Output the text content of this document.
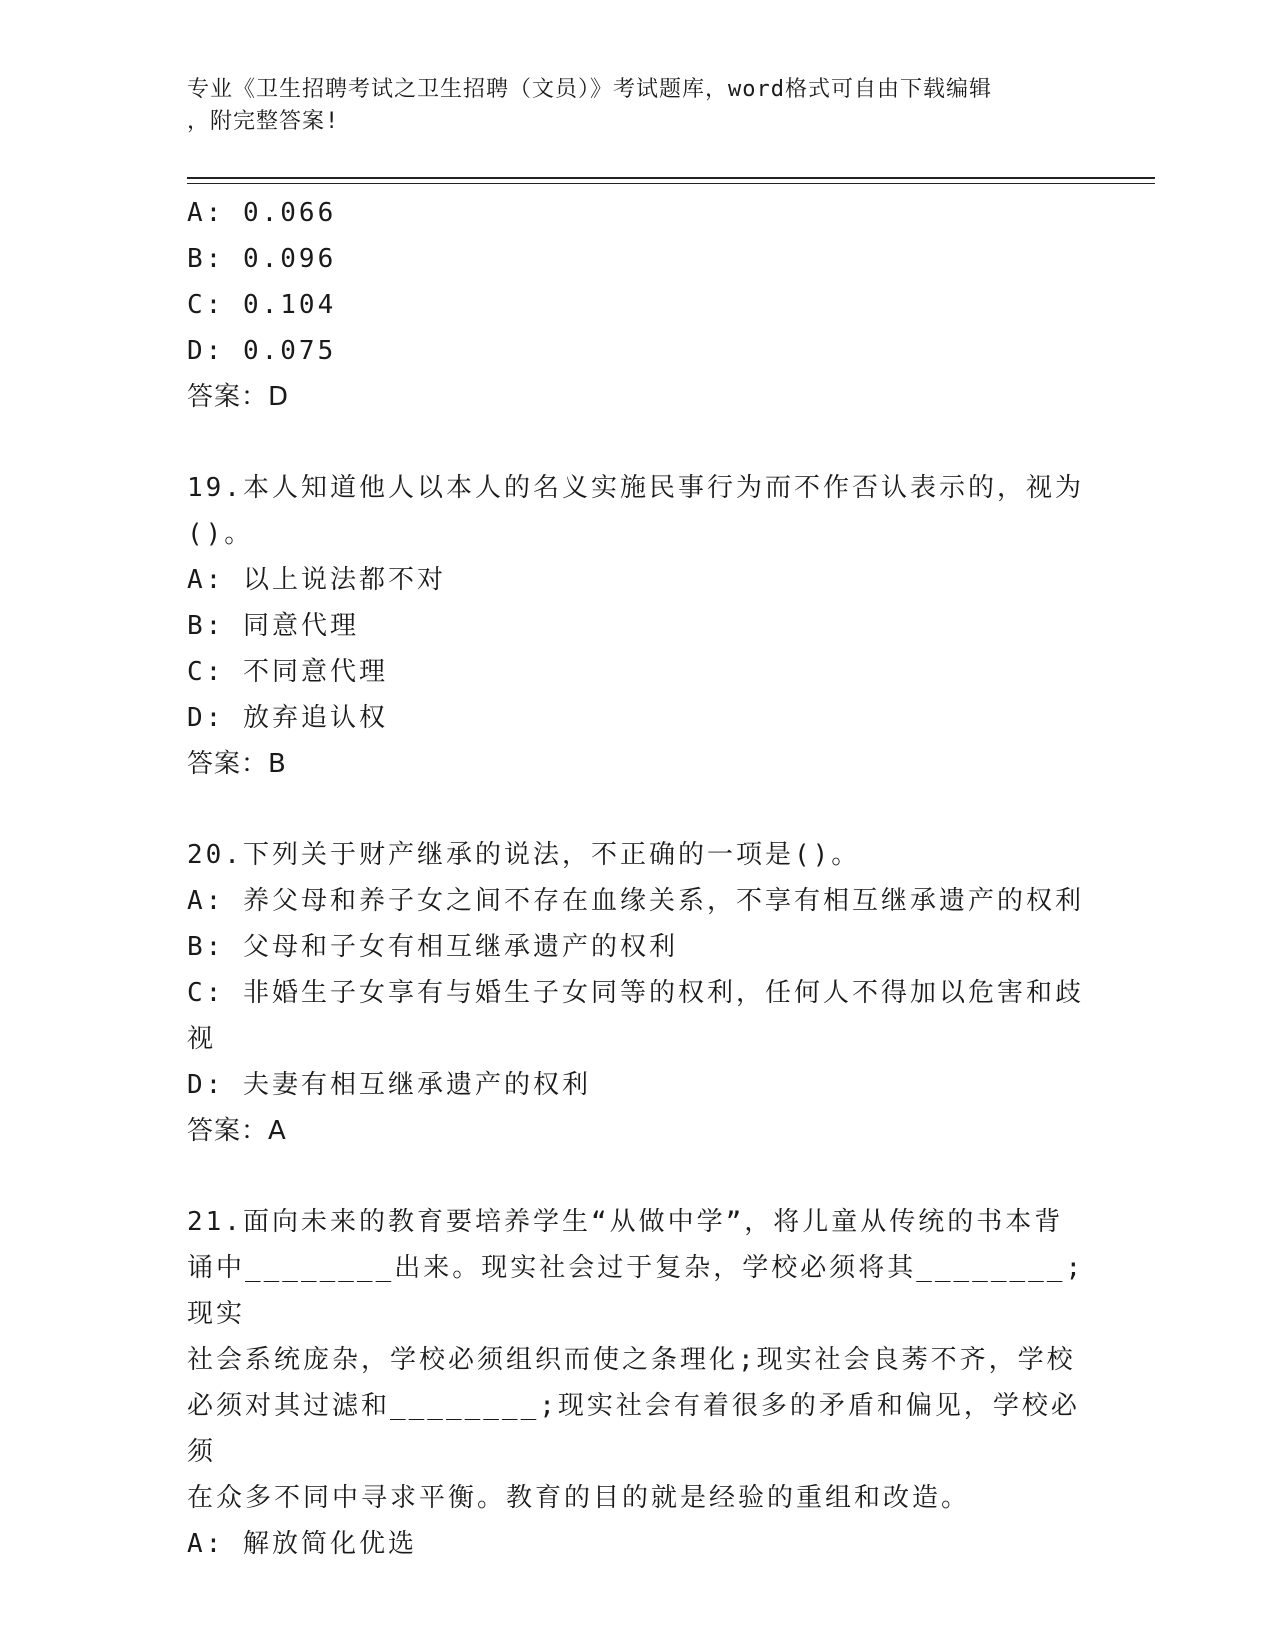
专业《卫生招聘考试之卫生招聘（文员）》考试题库，word格式可自由下载编辑
，附完整答案!
A: 0.066
B: 0.096
C: 0.104
D: 0.075
答案：D
19.本人知道他人以本人的名义实施民事行为而不作否认表示的，视为
()。
A: 以上说法都不对
B: 同意代理
C: 不同意代理
D: 放弃追认权
答案：B
20.下列关于财产继承的说法，不正确的一项是()。
A: 养父母和养子女之间不存在血缘关系，不享有相互继承遗产的权利
B: 父母和子女有相互继承遗产的权利
C: 非婚生子女享有与婚生子女同等的权利，任何人不得加以危害和歧
视
D: 夫妻有相互继承遗产的权利
答案：A
21.面向未来的教育要培养学生“从做中学”，将儿童从传统的书本背
诵中________出来。现实社会过于复杂，学校必须将其________;现实
社会系统庞杂，学校必须组织而使之条理化;现实社会良莠不齐，学校
必须对其过滤和________;现实社会有着很多的矛盾和偏见，学校必须
在众多不同中寻求平衡。教育的目的就是经验的重组和改造。
A: 解放简化优选
